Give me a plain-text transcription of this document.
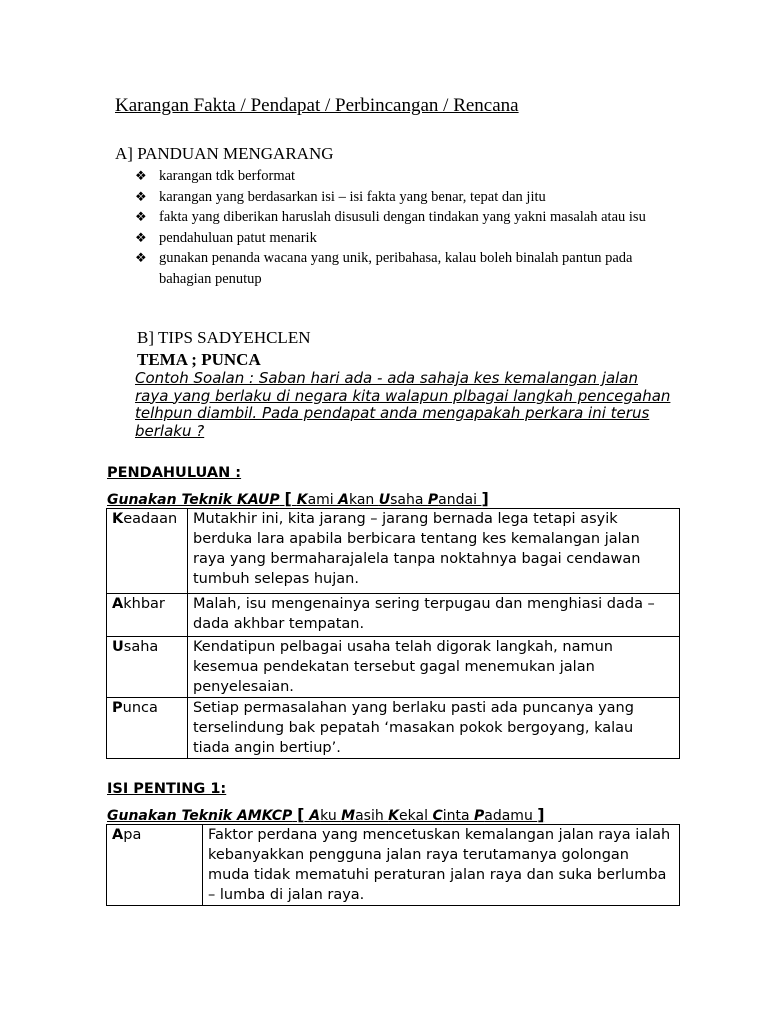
Karangan Fakta / Pendapat / Perbincangan / Rencana
A] PANDUAN MENGARANG
❖ karangan tdk berformat
❖ karangan yang berdasarkan isi – isi fakta yang benar, tepat dan jitu
❖ fakta yang diberikan haruslah disusuli dengan tindakan yang yakni masalah atau isu
❖ pendahuluan patut menarik
❖ gunakan penanda wacana yang unik, peribahasa, kalau boleh binalah pantun pada bahagian penutup
B] TIPS SADYEHCLEN
TEMA ; PUNCA
Contoh Soalan : Saban hari ada - ada sahaja kes kemalangan jalan raya yang berlaku di negara kita walapun plbagai langkah pencegahan telhpun diambil. Pada pendapat anda mengapakah perkara ini terus berlaku ?
PENDAHULUAN :
Gunakan Teknik KAUP [ Kami Akan Usaha Pandai ]
Keadaan	Mutakhir ini, kita jarang – jarang bernada lega tetapi asyik berduka lara apabila berbicara tentang kes kemalangan jalan raya yang bermaharajalela tanpa noktahnya bagai cendawan tumbuh selepas hujan.
Akhbar	Malah, isu mengenainya sering terpugau dan menghiasi dada – dada akhbar tempatan.
Usaha	Kendatipun pelbagai usaha telah digorak langkah, namun kesemua pendekatan tersebut gagal menemukan jalan penyelesaian.
Punca	Setiap permasalahan yang berlaku pasti ada puncanya yang terselindung bak pepatah ‘masakan pokok bergoyang, kalau tiada angin bertiup’.
ISI PENTING 1:
Gunakan Teknik AMKCP [ Aku Masih Kekal Cinta Padamu ]
Apa	Faktor perdana yang mencetuskan kemalangan jalan raya ialah kebanyakkan pengguna jalan raya terutamanya golongan muda tidak mematuhi peraturan jalan raya dan suka berlumba – lumba di jalan raya.
